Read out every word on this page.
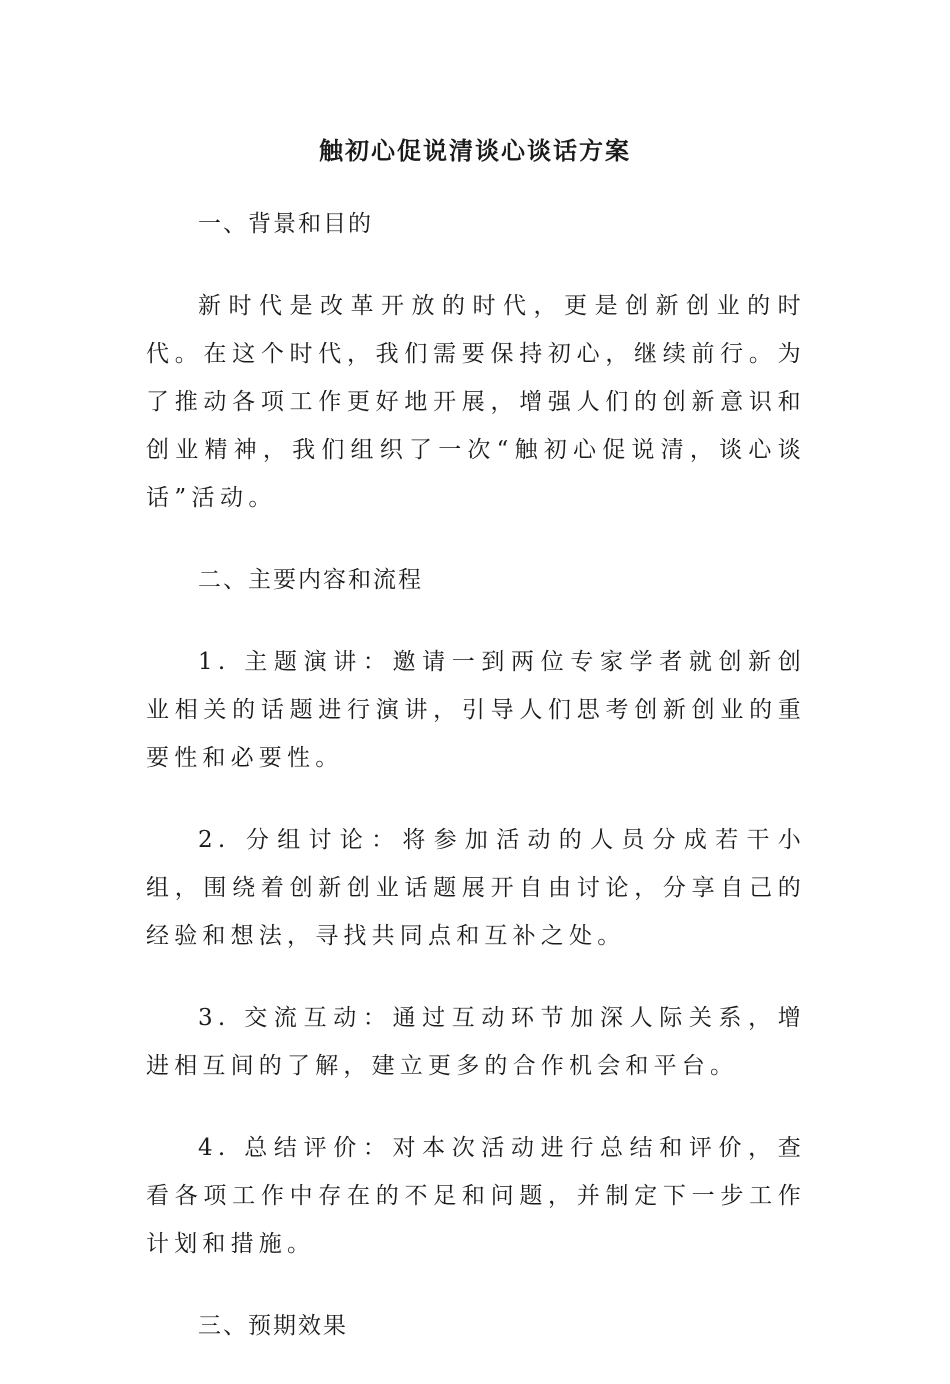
触初心促说清谈心谈话方案

一、背景和目的

新时代是改革开放的时代，更是创新创业的时代。在这个时代，我们需要保持初心，继续前行。为了推动各项工作更好地开展，增强人们的创新意识和创业精神，我们组织了一次“触初心促说清，谈心谈话”活动。

二、主要内容和流程

1. 主题演讲：邀请一到两位专家学者就创新创业相关的话题进行演讲，引导人们思考创新创业的重要性和必要性。

2. 分组讨论：将参加活动的人员分成若干小组，围绕着创新创业话题展开自由讨论，分享自己的经验和想法，寻找共同点和互补之处。

3. 交流互动：通过互动环节加深人际关系，增进相互间的了解，建立更多的合作机会和平台。

4. 总结评价：对本次活动进行总结和评价，查看各项工作中存在的不足和问题，并制定下一步工作计划和措施。

三、预期效果
